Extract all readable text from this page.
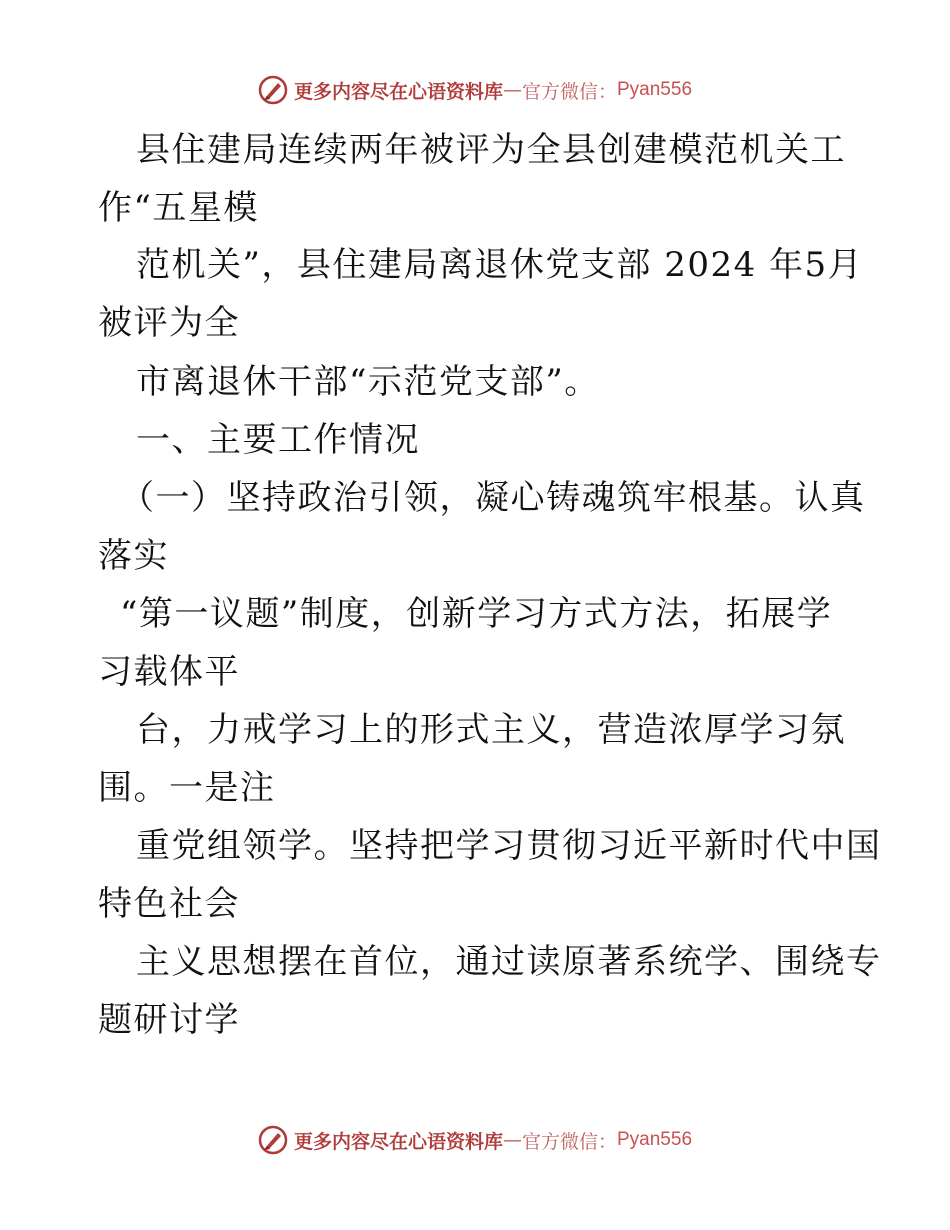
更多内容尽在心语资料库 — 官方微信： Pyan556
县住建局连续两年被评为全县创建模范机关工
作“五星模
范机关”，县住建局离退休党支部 2024 年5月
被评为全
市离退休干部“示范党支部”。
一、主要工作情况
（一）坚持政治引领，凝心铸魂筑牢根基。认真
落实
“第一议题”制度，创新学习方式方法，拓展学
习载体平
台，力戒学习上的形式主义，营造浓厚学习氛
围。一是注
重党组领学。坚持把学习贯彻习近平新时代中国
特色社会
主义思想摆在首位，通过读原著系统学、围绕专
题研讨学
更多内容尽在心语资料库 — 官方微信： Pyan556
